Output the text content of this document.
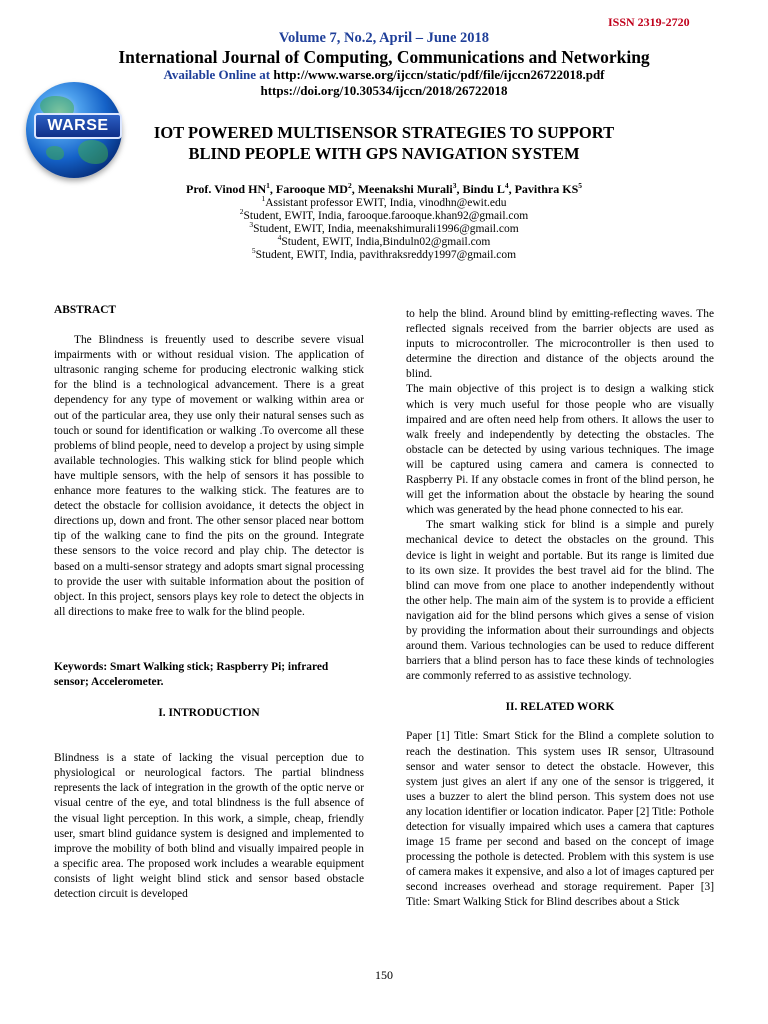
ISSN 2319-2720
Volume 7, No.2, April – June 2018
International Journal of Computing, Communications and Networking
Available Online at http://www.warse.org/ijccn/static/pdf/file/ijccn26722018.pdf
https://doi.org/10.30534/ijccn/2018/26722018
WARSE	IOT POWERED MULTISENSOR STRATEGIES TO SUPPORT
BLIND PEOPLE WITH GPS NAVIGATION SYSTEM
Prof. Vinod $HN^1$, Farooque $MD^2$, Meenakshi Murali$^3$, Bindu $L^4$, Pavithra $KS^5$
$^1$Assistant professor EWIT, India, vinodhn@ewit.edu
$^2$Student, EWIT, India, farooque.farooque.khan92@gmail.com
$^3$Student, EWIT, India, meenakshimurali1996@gmail.com
$^4$Student, EWIT, India,Binduln02@gmail.com
$^5$Student, EWIT, India, pavithraksreddy1997@gmail.com

ABSTRACT

The Blindness is freuently used to describe severe visual impairments with or without residual vision. The application of ultrasonic ranging scheme for producing electronic walking stick for the blind is a technological advancement. There is a great dependency for any type of movement or walking within area or out of the particular area, they use only their natural senses such as touch or sound for identification or walking .To overcome all these problems of blind people, need to develop a project by using simple available technologies. This walking stick for blind people which have multiple sensors, with the help of sensors it has possible to enhance more features to the walking stick. The features are to detect the obstacle for collision avoidance, it detects the object in directions up, down and front. The other sensor placed near bottom tip of the walking cane to find the pits on the ground. Integrate these sensors to the voice record and play chip. The detector is based on a multi-sensor strategy and adopts smart signal processing to provide the user with suitable information about the position of object. In this project, sensors plays key role to detect the objects in all directions to make free to walk for the blind people.

Keywords: Smart Walking stick; Raspberry Pi; infrared sensor; Accelerometer.

I. INTRODUCTION

Blindness is a state of lacking the visual perception due to physiological or neurological factors. The partial blindness represents the lack of integration in the growth of the optic nerve or visual centre of the eye, and total blindness is the full absence of the visual light perception. In this work, a simple, cheap, friendly user, smart blind guidance system is designed and implemented to improve the mobility of both blind and visually impaired people in a specific area. The proposed work includes a wearable equipment consists of light weight blind stick and sensor based obstacle detection circuit is developed

to help the blind. Around blind by emitting-reflecting waves. The reflected signals received from the barrier objects are used as inputs to microcontroller. The microcontroller is then used to determine the direction and distance of the objects around the blind.

The main objective of this project is to design a walking stick which is very much useful for those people who are visually impaired and are often need help from others. It allows the user to walk freely and independently by detecting the obstacles. The obstacle can be detected by using various techniques. The image will be captured using camera and camera is connected to Raspberry Pi. If any obstacle comes in front of the blind person, he will get the information about the obstacle by hearing the sound which was generated by the head phone connected to his ear.

The smart walking stick for blind is a simple and purely mechanical device to detect the obstacles on the ground. This device is light in weight and portable. But its range is limited due to its own size. It provides the best travel aid for the blind. The blind can move from one place to another independently without the other help. The main aim of the system is to provide a efficient navigation aid for the blind persons which gives a sense of vision by providing the information about their surroundings and objects around them. Various technologies can be used to reduce different barriers that a blind person has to face these kinds of technologies are commonly referred to as assistive technology.

II. RELATED WORK

Paper [1] Title: Smart Stick for the Blind a complete solution to reach the destination. This system uses IR sensor, Ultrasound sensor and water sensor to detect the obstacle. However, this system just gives an alert if any one of the sensor is triggered, it uses a buzzer to alert the blind person. This system does not use any location identifier or location indicator. Paper [2] Title: Pothole detection for visually impaired which uses a camera that captures image 15 frame per second and based on the concept of image processing the pothole is detected. Problem with this system is use of camera makes it expensive, and also a lot of images captured per second increases overhead and storage requirement. Paper [3] Title: Smart Walking Stick for Blind describes about a Stick

150
